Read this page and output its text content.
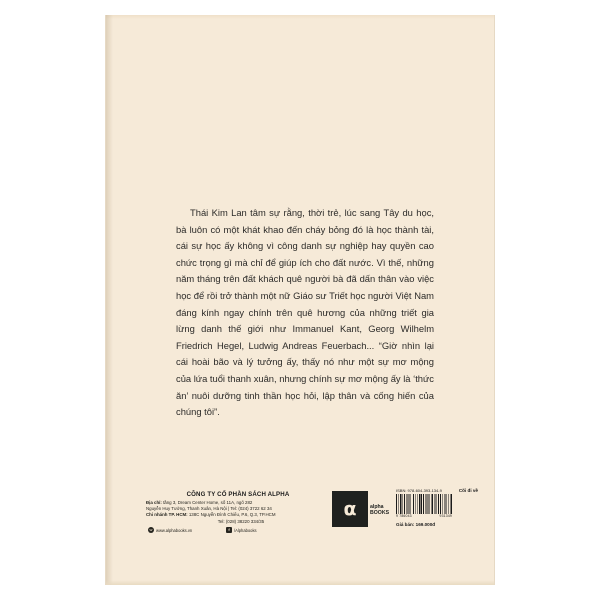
Thái Kim Lan tâm sự rằng, thời trẻ, lúc sang Tây du học, bà luôn có một khát khao đến cháy bỏng đó là học thành tài, cái sự học ấy không vì công danh sự nghiệp hay quyền cao chức trọng gì mà chỉ để giúp ích cho đất nước. Vì thế, những năm tháng trên đất khách quê người bà đã dấn thân vào việc học để rồi trở thành một nữ Giáo sư Triết học người Việt Nam đáng kính ngay chính trên quê hương của những triết gia lừng danh thế giới như Immanuel Kant, Georg Wilhelm Friedrich Hegel, Ludwig Andreas Feuerbach... “Giờ nhìn lại cái hoài bão và lý tưởng ấy, thấy nó như một sự mơ mộng của lứa tuổi thanh xuân, nhưng chính sự mơ mộng ấy là ‘thức ăn’ nuôi dưỡng tinh thần học hỏi, lập thân và cống hiến của chúng tôi”.

CÔNG TY CỔ PHẦN SÁCH ALPHA
Địa chỉ: tầng 3, Dream Center Home, số 11A, ngõ 282
Nguyễn Huy Tưởng, Thanh Xuân, Hà Nội | Tel: (024) 3722 62 34
Chi nhánh TP. HCM: 138C Nguyễn Đình Chiểu, P.6, Q.3, TP.HCM
Tel: (028) 38220 334/35
α	alpha
BOOKS
ISBN: 978-604-393-134-9	Cõi đi về
9 786043	931349
Giá bán: 169.000đ
w www.alphabooks.vn	f	/Alphabooks
